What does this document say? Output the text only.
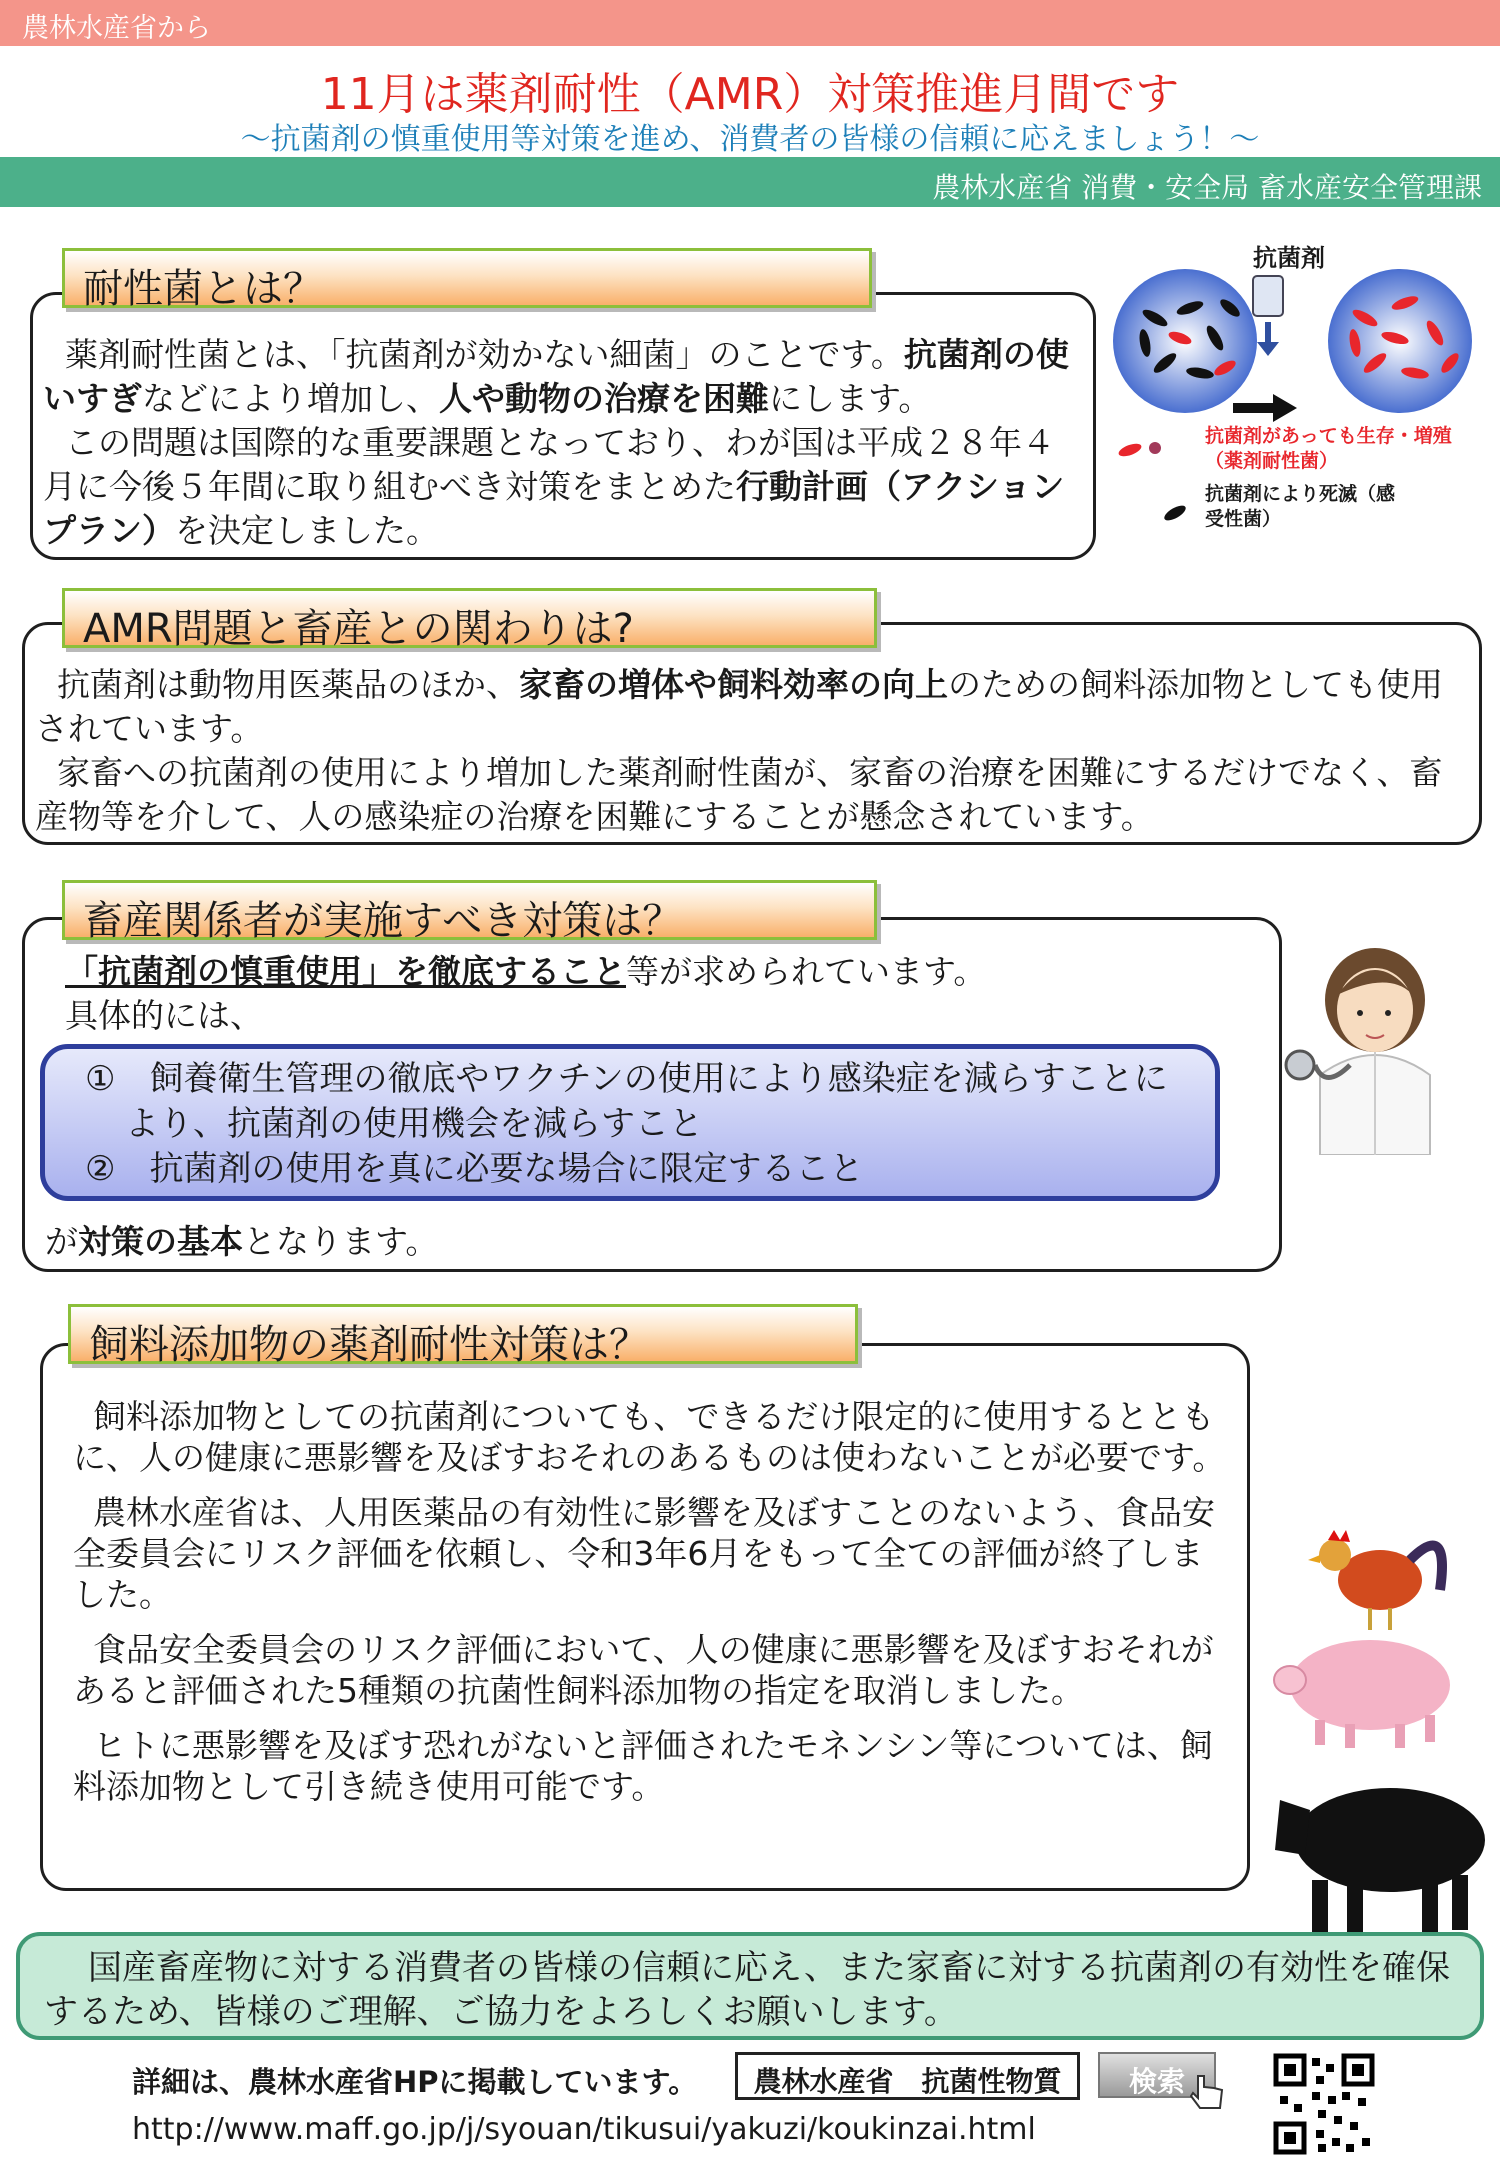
農林水産省から
11月は薬剤耐性（AMR）対策推進月間です
～抗菌剤の慎重使用等対策を進め、消費者の皆様の信頼に応えましょう！～
農林水産省 消費・安全局 畜水産安全管理課
薬剤耐性菌とは、「抗菌剤が効かない細菌」のことです。抗菌剤の使いすぎなどにより増加し、人や動物の治療を困難にします。
この問題は国際的な重要課題となっており、わが国は平成２８年４月に今後５年間に取り組むべき対策をまとめた行動計画（アクションプラン）を決定しました。
耐性菌とは？
抗菌剤
抗菌剤があっても生存・増殖（薬剤耐性菌）
抗菌剤により死滅（感受性菌）
抗菌剤は動物用医薬品のほか、家畜の増体や飼料効率の向上のための飼料添加物としても使用されています。
家畜への抗菌剤の使用により増加した薬剤耐性菌が、家畜の治療を困難にするだけでなく、畜産物等を介して、人の感染症の治療を困難にすることが懸念されています。
AMR問題と畜産との関わりは?
「抗菌剤の慎重使用」を徹底すること等が求められています。
具体的には、
が対策の基本となります。
①　飼養衛生管理の徹底やワクチンの使用により感染症を減らすことにより、抗菌剤の使用機会を減らすこと
②　抗菌剤の使用を真に必要な場合に限定すること
畜産関係者が実施すべき対策は？
飼料添加物としての抗菌剤についても、できるだけ限定的に使用するとともに、人の健康に悪影響を及ぼすおそれのあるものは使わないことが必要です。
農林水産省は、人用医薬品の有効性に影響を及ぼすことのないよう、食品安全委員会にリスク評価を依頼し、令和3年6月をもって全ての評価が終了しました。
食品安全委員会のリスク評価において、人の健康に悪影響を及ぼすおそれがあると評価された5種類の抗菌性飼料添加物の指定を取消しました。
ヒトに悪影響を及ぼす恐れがないと評価されたモネンシン等については、飼料添加物として引き続き使用可能です。
飼料添加物の薬剤耐性対策は？
国産畜産物に対する消費者の皆様の信頼に応え、また家畜に対する抗菌剤の有効性を確保するため、皆様のご理解、ご協力をよろしくお願いします。
詳細は、農林水産省HPに掲載しています。	農林水産省　抗菌性物質	検索
http://www.maff.go.jp/j/syouan/tikusui/yakuzi/koukinzai.html
